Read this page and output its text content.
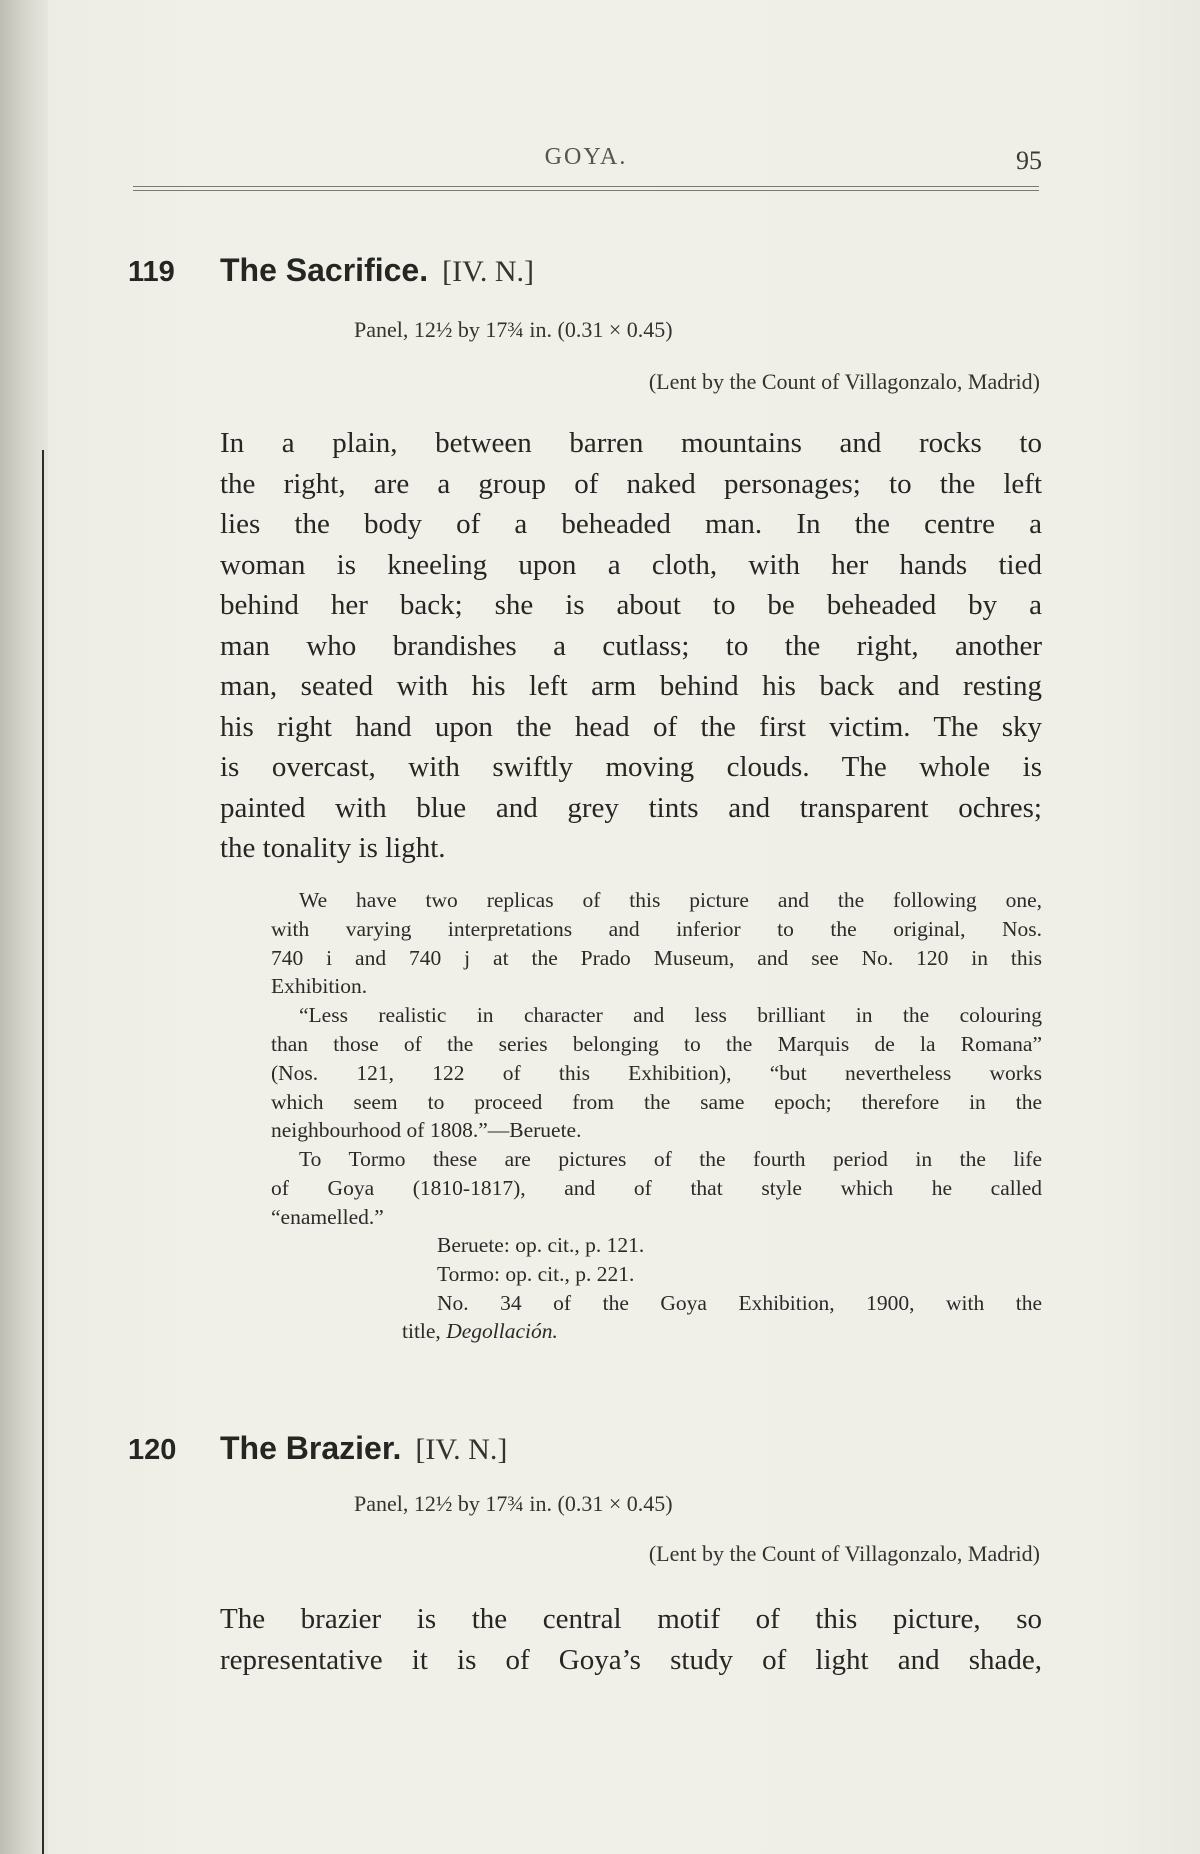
GOYA.	95
119 The Sacrifice. [IV. N.]
Panel, 12½ by 17¾ in. (0.31 × 0.45)
(Lent by the Count of Villagonzalo, Madrid)
In a plain, between barren mountains and rocks to
the right, are a group of naked personages; to the left
lies the body of a beheaded man. In the centre a
woman is kneeling upon a cloth, with her hands tied
behind her back; she is about to be beheaded by a
man who brandishes a cutlass; to the right, another
man, seated with his left arm behind his back and resting
his right hand upon the head of the first victim. The sky
is overcast, with swiftly moving clouds. The whole is
painted with blue and grey tints and transparent ochres;
the tonality is light.
We have two replicas of this picture and the following one,
with varying interpretations and inferior to the original, Nos.
740 i and 740 j at the Prado Museum, and see No. 120 in this
Exhibition.
“Less realistic in character and less brilliant in the colouring
than those of the series belonging to the Marquis de la Romana”
(Nos. 121, 122 of this Exhibition), “but nevertheless works
which seem to proceed from the same epoch; therefore in the
neighbourhood of 1808.”—Beruete.
To Tormo these are pictures of the fourth period in the life
of Goya (1810-1817), and of that style which he called
“enamelled.”
Beruete: op. cit., p. 121.
Tormo: op. cit., p. 221.
No. 34 of the Goya Exhibition, 1900, with the
title, Degollación.
120 The Brazier. [IV. N.]
Panel, 12½ by 17¾ in. (0.31 × 0.45)
(Lent by the Count of Villagonzalo, Madrid)
The brazier is the central motif of this picture, so
representative it is of Goya’s study of light and shade,
